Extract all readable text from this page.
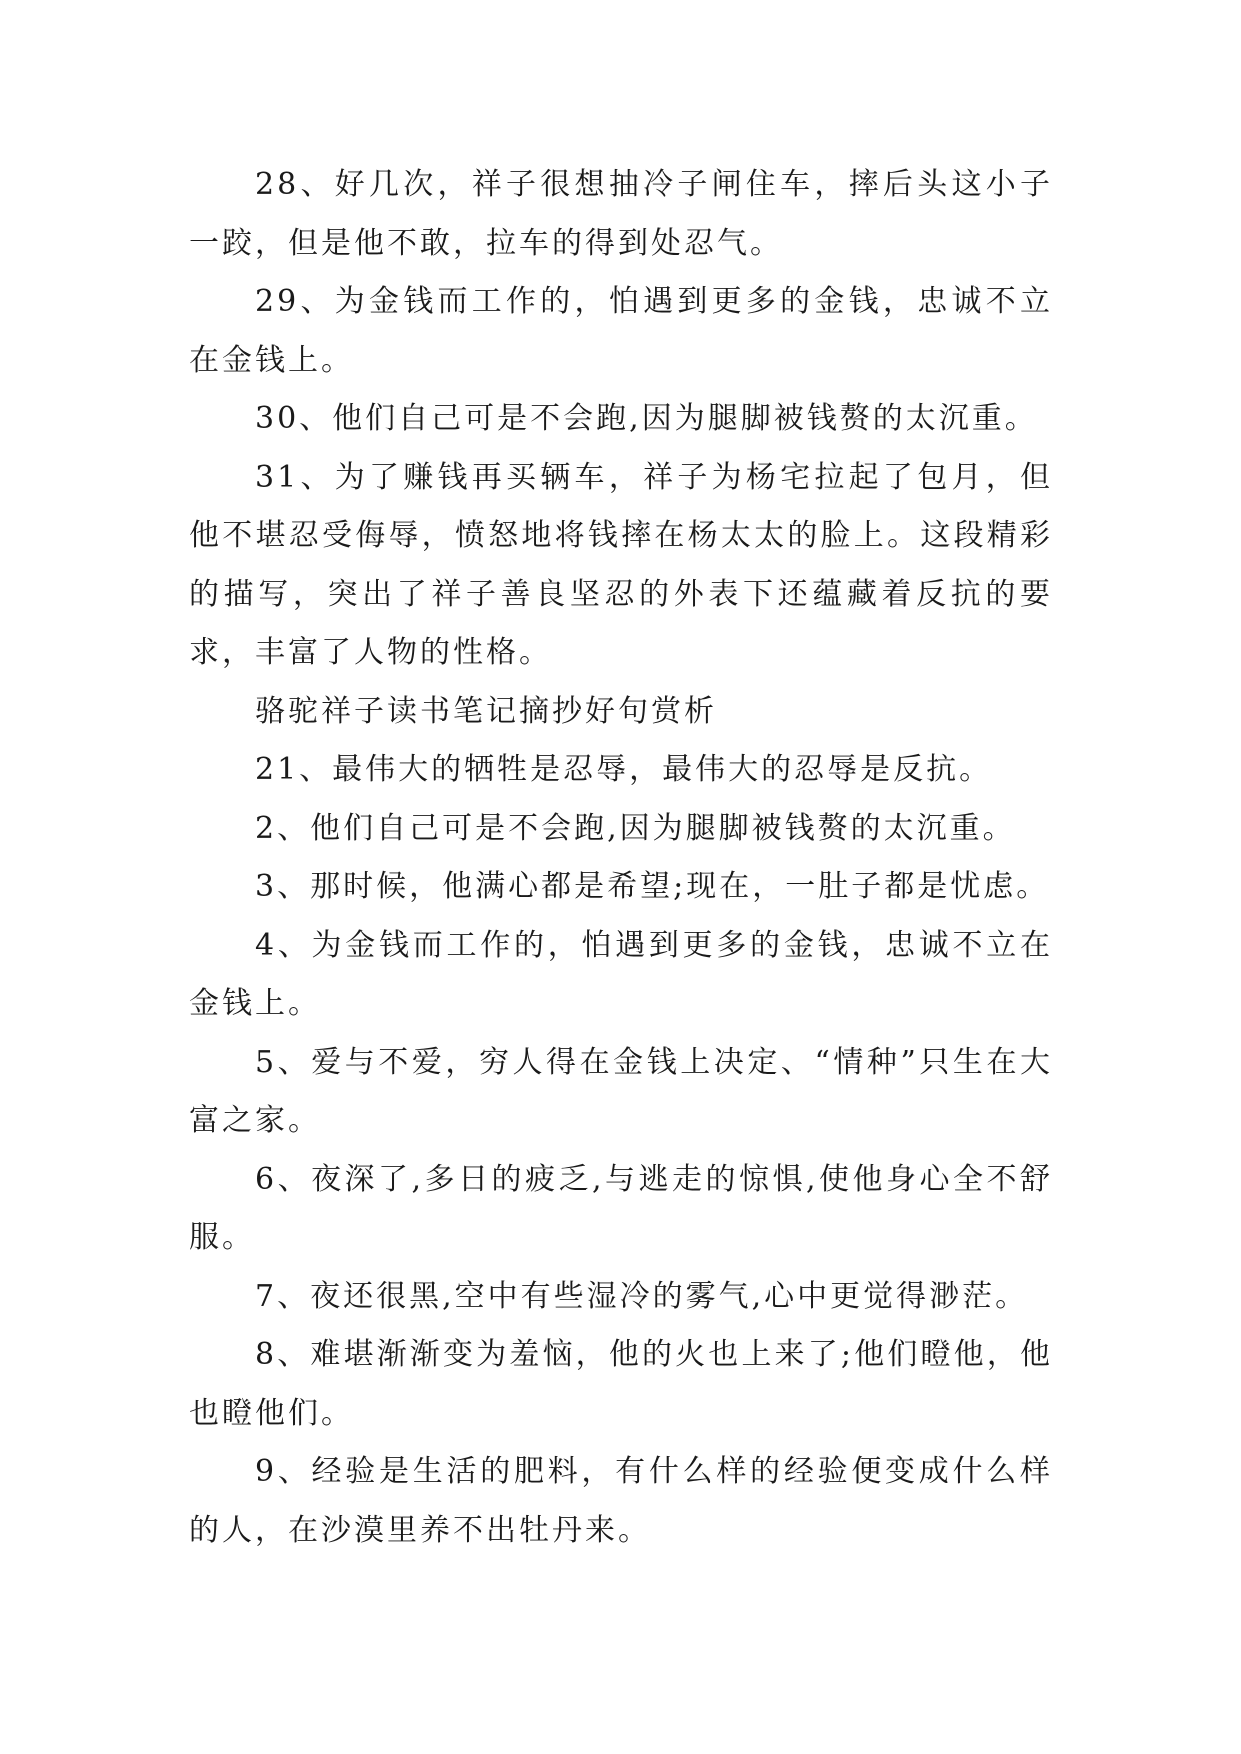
28、好几次，祥子很想抽冷子闸住车，摔后头这小子一跤，但是他不敢，拉车的得到处忍气。

29、为金钱而工作的，怕遇到更多的金钱，忠诚不立在金钱上。

30、他们自己可是不会跑,因为腿脚被钱赘的太沉重。

31、为了赚钱再买辆车，祥子为杨宅拉起了包月，但他不堪忍受侮辱，愤怒地将钱摔在杨太太的脸上。这段精彩的描写，突出了祥子善良坚忍的外表下还蕴藏着反抗的要求，丰富了人物的性格。

骆驼祥子读书笔记摘抄好句赏析

21、最伟大的牺牲是忍辱，最伟大的忍辱是反抗。

2、他们自己可是不会跑,因为腿脚被钱赘的太沉重。

3、那时候，他满心都是希望;现在，一肚子都是忧虑。

4、为金钱而工作的，怕遇到更多的金钱，忠诚不立在金钱上。

5、爱与不爱，穷人得在金钱上决定、“情种”只生在大富之家。

6、夜深了,多日的疲乏,与逃走的惊惧,使他身心全不舒服。

7、夜还很黑,空中有些湿冷的雾气,心中更觉得渺茫。

8、难堪渐渐变为羞恼，他的火也上来了;他们瞪他，他也瞪他们。

9、经验是生活的肥料，有什么样的经验便变成什么样的人，在沙漠里养不出牡丹来。
